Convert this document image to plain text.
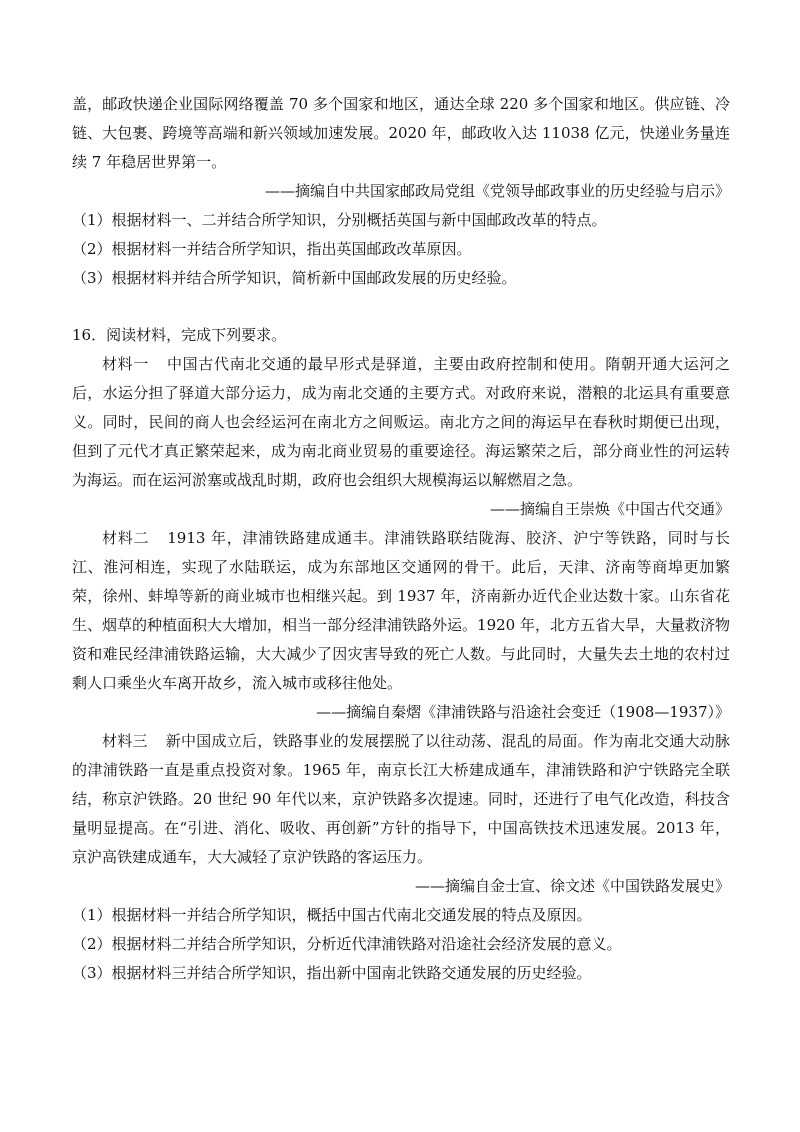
盖，邮政快递企业国际网络覆盖 70 多个国家和地区，通达全球 220 多个国家和地区。供应链、冷链、大包裹、跨境等高端和新兴领域加速发展。2020 年，邮政收入达 11038 亿元，快递业务量连续 7 年稳居世界第一。

——摘编自中共国家邮政局党组《党领导邮政事业的历史经验与启示》

（1）根据材料一、二并结合所学知识，分别概括英国与新中国邮政改革的特点。

（2）根据材料一并结合所学知识，指出英国邮政改革原因。

（3）根据材料并结合所学知识，简析新中国邮政发展的历史经验。

16．阅读材料，完成下列要求。

材料一 中国古代南北交通的最早形式是驿道，主要由政府控制和使用。隋朝开通大运河之后，水运分担了驿道大部分运力，成为南北交通的主要方式。对政府来说，潜粮的北运具有重要意义。同时，民间的商人也会经运河在南北方之间贩运。南北方之间的海运早在春秋时期便已出现，但到了元代才真正繁荣起来，成为南北商业贸易的重要途径。海运繁荣之后，部分商业性的河运转为海运。而在运河淤塞或战乱时期，政府也会组织大规模海运以解燃眉之急。

——摘编自王崇焕《中国古代交通》

材料二 1913 年，津浦铁路建成通丰。津浦铁路联结陇海、胶济、沪宁等铁路，同时与长江、淮河相连，实现了水陆联运，成为东部地区交通网的骨干。此后，天津、济南等商埠更加繁荣，徐州、蚌埠等新的商业城市也相继兴起。到 1937 年，济南新办近代企业达数十家。山东省花生、烟草的种植面积大大增加，相当一部分经津浦铁路外运。1920 年，北方五省大旱，大量救济物资和难民经津浦铁路运输，大大减少了因灾害导致的死亡人数。与此同时，大量失去土地的农村过剩人口乘坐火车离开故乡，流入城市或移往他处。

——摘编自秦熠《津浦铁路与沿途社会变迁（1908—1937）》

材料三 新中国成立后，铁路事业的发展摆脱了以往动荡、混乱的局面。作为南北交通大动脉的津浦铁路一直是重点投资对象。1965 年，南京长江大桥建成通车，津浦铁路和沪宁铁路完全联结，称京沪铁路。20 世纪 90 年代以来，京沪铁路多次提速。同时，还进行了电气化改造，科技含量明显提高。在“引进、消化、吸收、再创新”方针的指导下，中国高铁技术迅速发展。2013 年，京沪高铁建成通车，大大减轻了京沪铁路的客运压力。

——摘编自金士宣、徐文述《中国铁路发展史》

（1）根据材料一并结合所学知识，概括中国古代南北交通发展的特点及原因。

（2）根据材料二并结合所学知识，分析近代津浦铁路对沿途社会经济发展的意义。

（3）根据材料三并结合所学知识，指出新中国南北铁路交通发展的历史经验。
